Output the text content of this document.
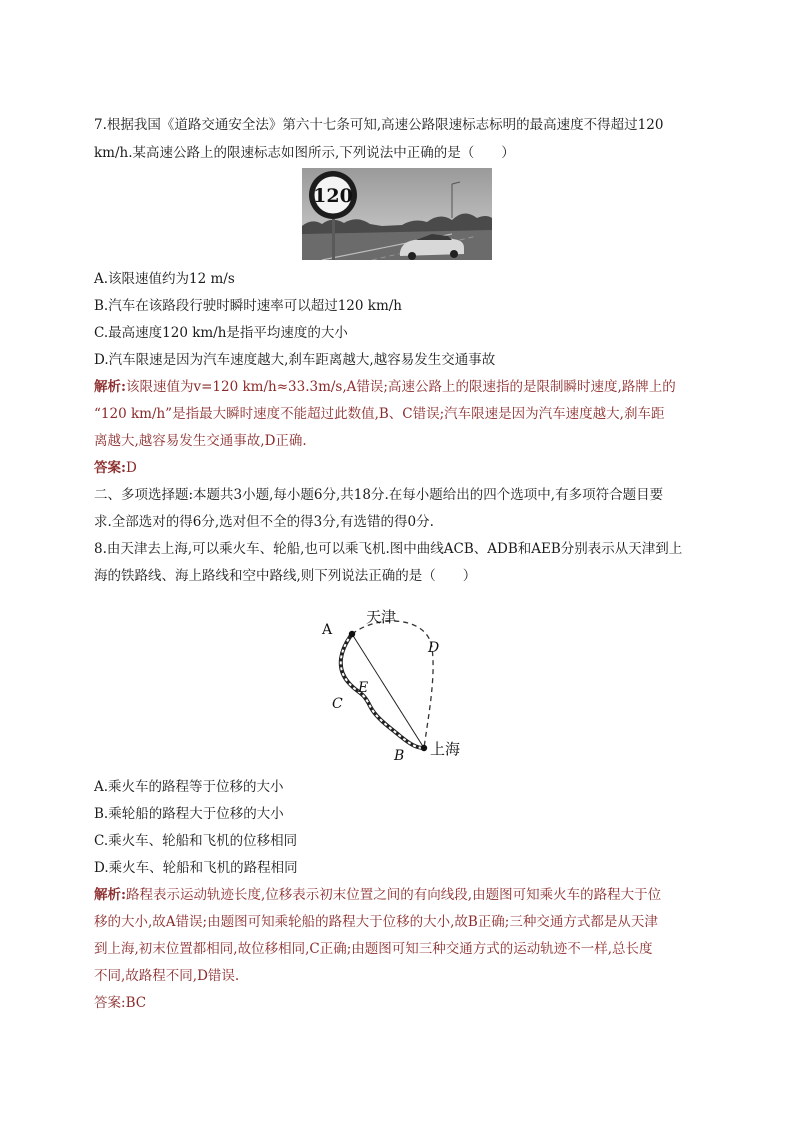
7.根据我国《道路交通安全法》第六十七条可知,高速公路限速标志标明的最高速度不得超过120
km/h.某高速公路上的限速标志如图所示,下列说法中正确的是（　　）
120
A.该限速值约为12 m/s
B.汽车在该路段行驶时瞬时速率可以超过120 km/h
C.最高速度120 km/h是指平均速度的大小
D.汽车限速是因为汽车速度越大,刹车距离越大,越容易发生交通事故
解析:该限速值为v=120 km/h≈33.3m/s,A错误;高速公路上的限速指的是限制瞬时速度,路牌上的
“120 km/h”是指最大瞬时速度不能超过此数值,B、C错误;汽车限速是因为汽车速度越大,刹车距
离越大,越容易发生交通事故,D正确.
答案:D
二、多项选择题:本题共3小题,每小题6分,共18分.在每小题给出的四个选项中,有多项符合题目要
求.全部选对的得6分,选对但不全的得3分,有选错的得0分.
8.由天津去上海,可以乘火车、轮船,也可以乘飞机.图中曲线ACB、ADB和AEB分别表示从天津到上
海的铁路线、海上路线和空中路线,则下列说法正确的是（　　）
天津
A
D
E
C
上海
B
A.乘火车的路程等于位移的大小
B.乘轮船的路程大于位移的大小
C.乘火车、轮船和飞机的位移相同
D.乘火车、轮船和飞机的路程相同
解析:路程表示运动轨迹长度,位移表示初末位置之间的有向线段,由题图可知乘火车的路程大于位
移的大小,故A错误;由题图可知乘轮船的路程大于位移的大小,故B正确;三种交通方式都是从天津
到上海,初末位置都相同,故位移相同,C正确;由题图可知三种交通方式的运动轨迹不一样,总长度
不同,故路程不同,D错误.
答案:BC
